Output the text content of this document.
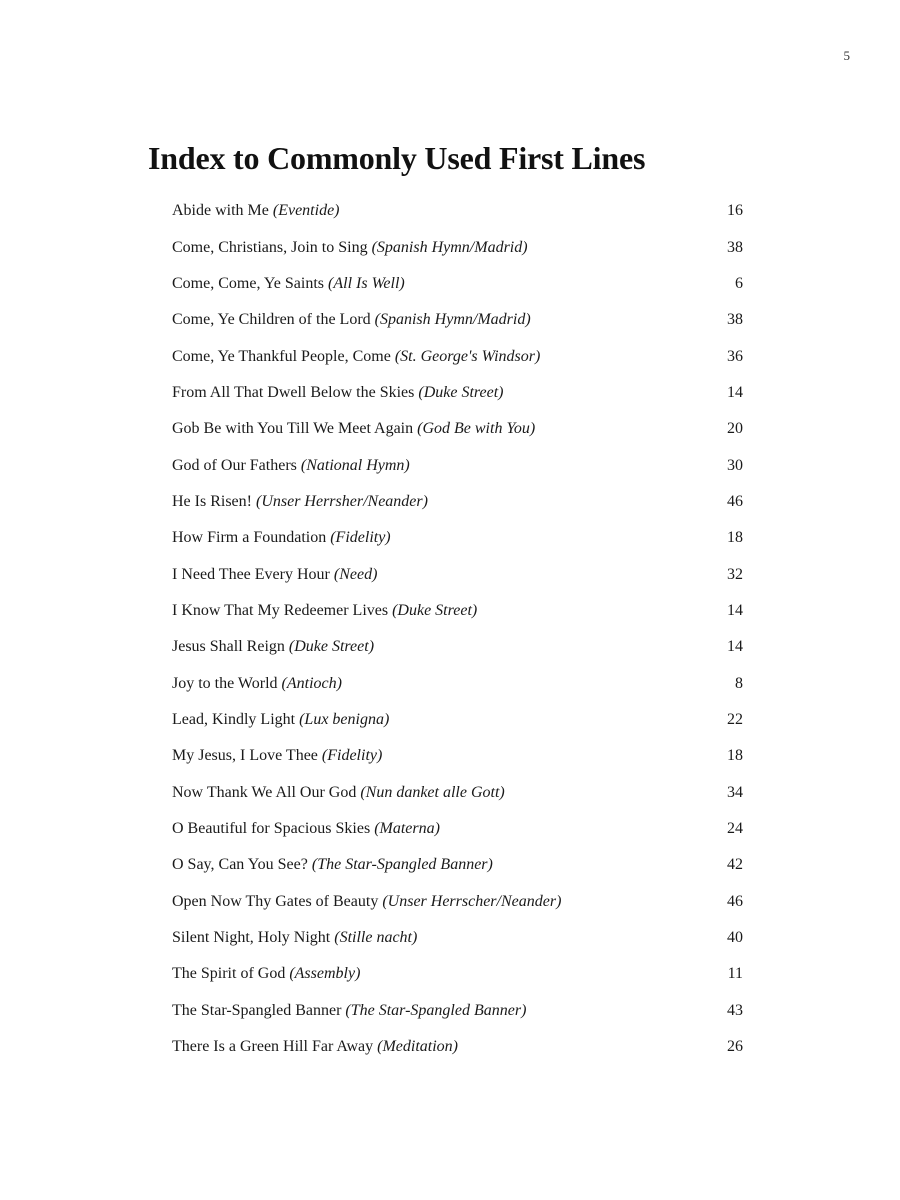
5
Index to Commonly Used First Lines
Abide with Me (Eventide)	16
Come, Christians, Join to Sing (Spanish Hymn/Madrid)	38
Come, Come, Ye Saints (All Is Well)	6
Come, Ye Children of the Lord (Spanish Hymn/Madrid)	38
Come, Ye Thankful People, Come (St. George's Windsor)	36
From All That Dwell Below the Skies (Duke Street)	14
Gob Be with You Till We Meet Again (God Be with You)	20
God of Our Fathers (National Hymn)	30
He Is Risen! (Unser Herrsher/Neander)	46
How Firm a Foundation (Fidelity)	18
I Need Thee Every Hour (Need)	32
I Know That My Redeemer Lives (Duke Street)	14
Jesus Shall Reign (Duke Street)	14
Joy to the World (Antioch)	8
Lead, Kindly Light (Lux benigna)	22
My Jesus, I Love Thee (Fidelity)	18
Now Thank We All Our God (Nun danket alle Gott)	34
O Beautiful for Spacious Skies (Materna)	24
O Say, Can You See? (The Star-Spangled Banner)	42
Open Now Thy Gates of Beauty (Unser Herrscher/Neander)	46
Silent Night, Holy Night (Stille nacht)	40
The Spirit of God (Assembly)	11
The Star-Spangled Banner (The Star-Spangled Banner)	43
There Is a Green Hill Far Away (Meditation)	26
